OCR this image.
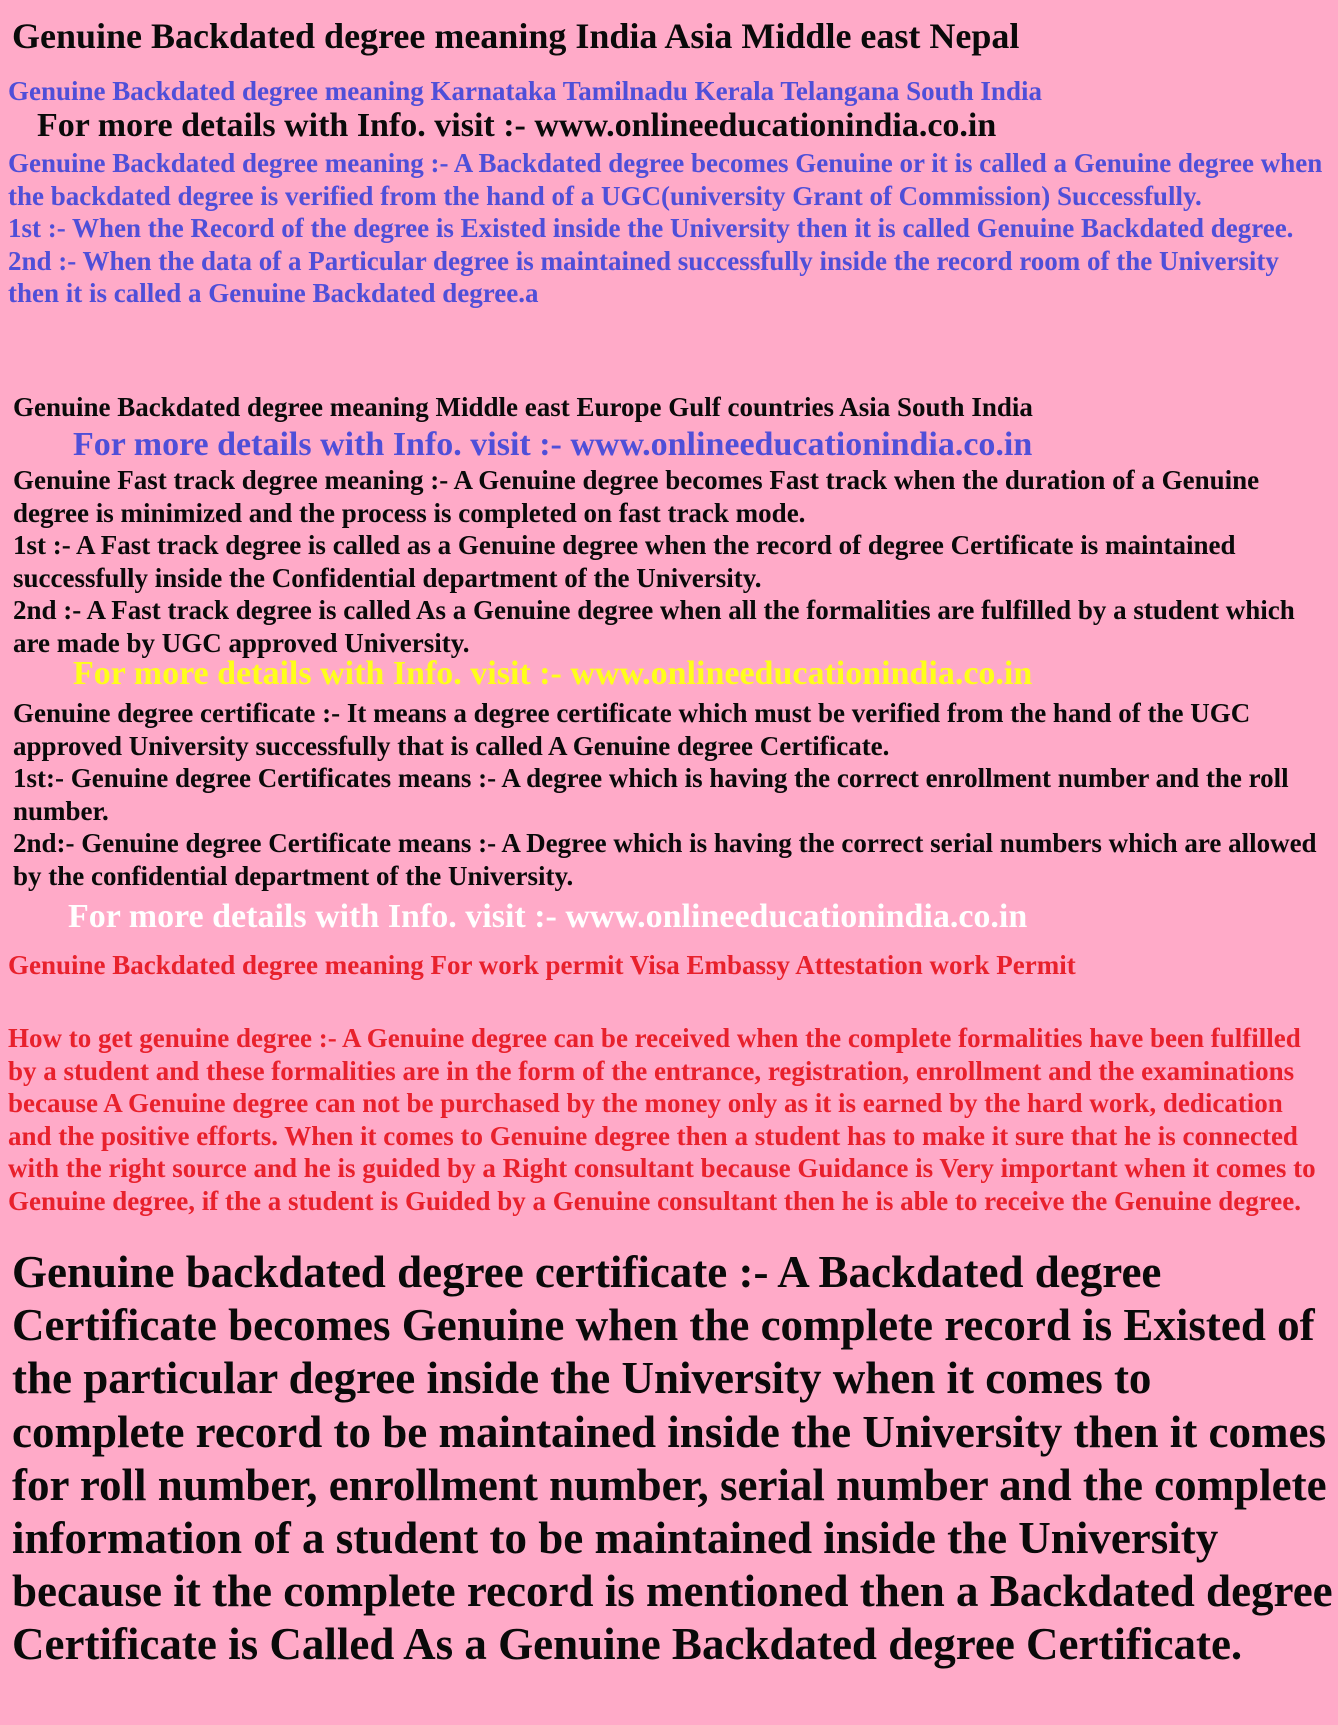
Genuine Backdated degree meaning India Asia Middle east Nepal
Genuine Backdated degree meaning Karnataka Tamilnadu Kerala Telangana South India
For more details with Info. visit :- www.onlineeducationindia.co.in
Genuine Backdated degree meaning :- A Backdated degree becomes Genuine or it is called a Genuine degree when the backdated degree is verified from the hand of a UGC(university Grant of Commission) Successfully.
1st :- When the Record of the degree is Existed inside the University then it is called Genuine Backdated degree.
2nd :- When the data of a Particular degree is maintained successfully inside the record room of the University then it is called a Genuine Backdated degree.a
Genuine Backdated degree meaning Middle east Europe Gulf countries Asia South India
For more details with Info. visit :- www.onlineeducationindia.co.in
Genuine Fast track degree meaning :- A Genuine degree becomes Fast track when the duration of a Genuine degree is minimized and the process is completed on fast track mode.
1st :- A Fast track degree is called as a Genuine degree when the record of degree Certificate is maintained successfully inside the Confidential department of the University.
2nd :- A Fast track degree is called As a Genuine degree when all the formalities are fulfilled by a student which are made by UGC approved University.
For more details with Info. visit :- www.onlineeducationindia.co.in
Genuine degree certificate :- It means a degree certificate which must be verified from the hand of the UGC approved University successfully that is called A Genuine degree Certificate.
1st:- Genuine degree Certificates means :- A degree which is having the correct enrollment number and the roll number.
2nd:- Genuine degree Certificate means :- A Degree which is having the correct serial numbers which are allowed by the confidential department of the University.
For more details with Info. visit :- www.onlineeducationindia.co.in
Genuine Backdated degree meaning For work permit Visa Embassy Attestation work Permit
How to get genuine degree :- A Genuine degree can be received when the complete formalities have been fulfilled by a student and these formalities are in the form of the entrance, registration, enrollment and the examinations because A Genuine degree can not be purchased by the money only as it is earned by the hard work, dedication and the positive efforts. When it comes to Genuine degree then a student has to make it sure that he is connected with the right source and he is guided by a Right consultant because Guidance is Very important when it comes to Genuine degree, if the a student is Guided by a Genuine consultant then he is able to receive the Genuine degree.
Genuine backdated degree certificate :- A Backdated degree Certificate becomes Genuine when the complete record is Existed of the particular degree inside the University when it comes to complete record to be maintained inside the University then it comes for roll number, enrollment number, serial number and the complete information of a student to be maintained inside the University because it the complete record is mentioned then a Backdated degree Certificate is Called As a Genuine Backdated degree Certificate.
